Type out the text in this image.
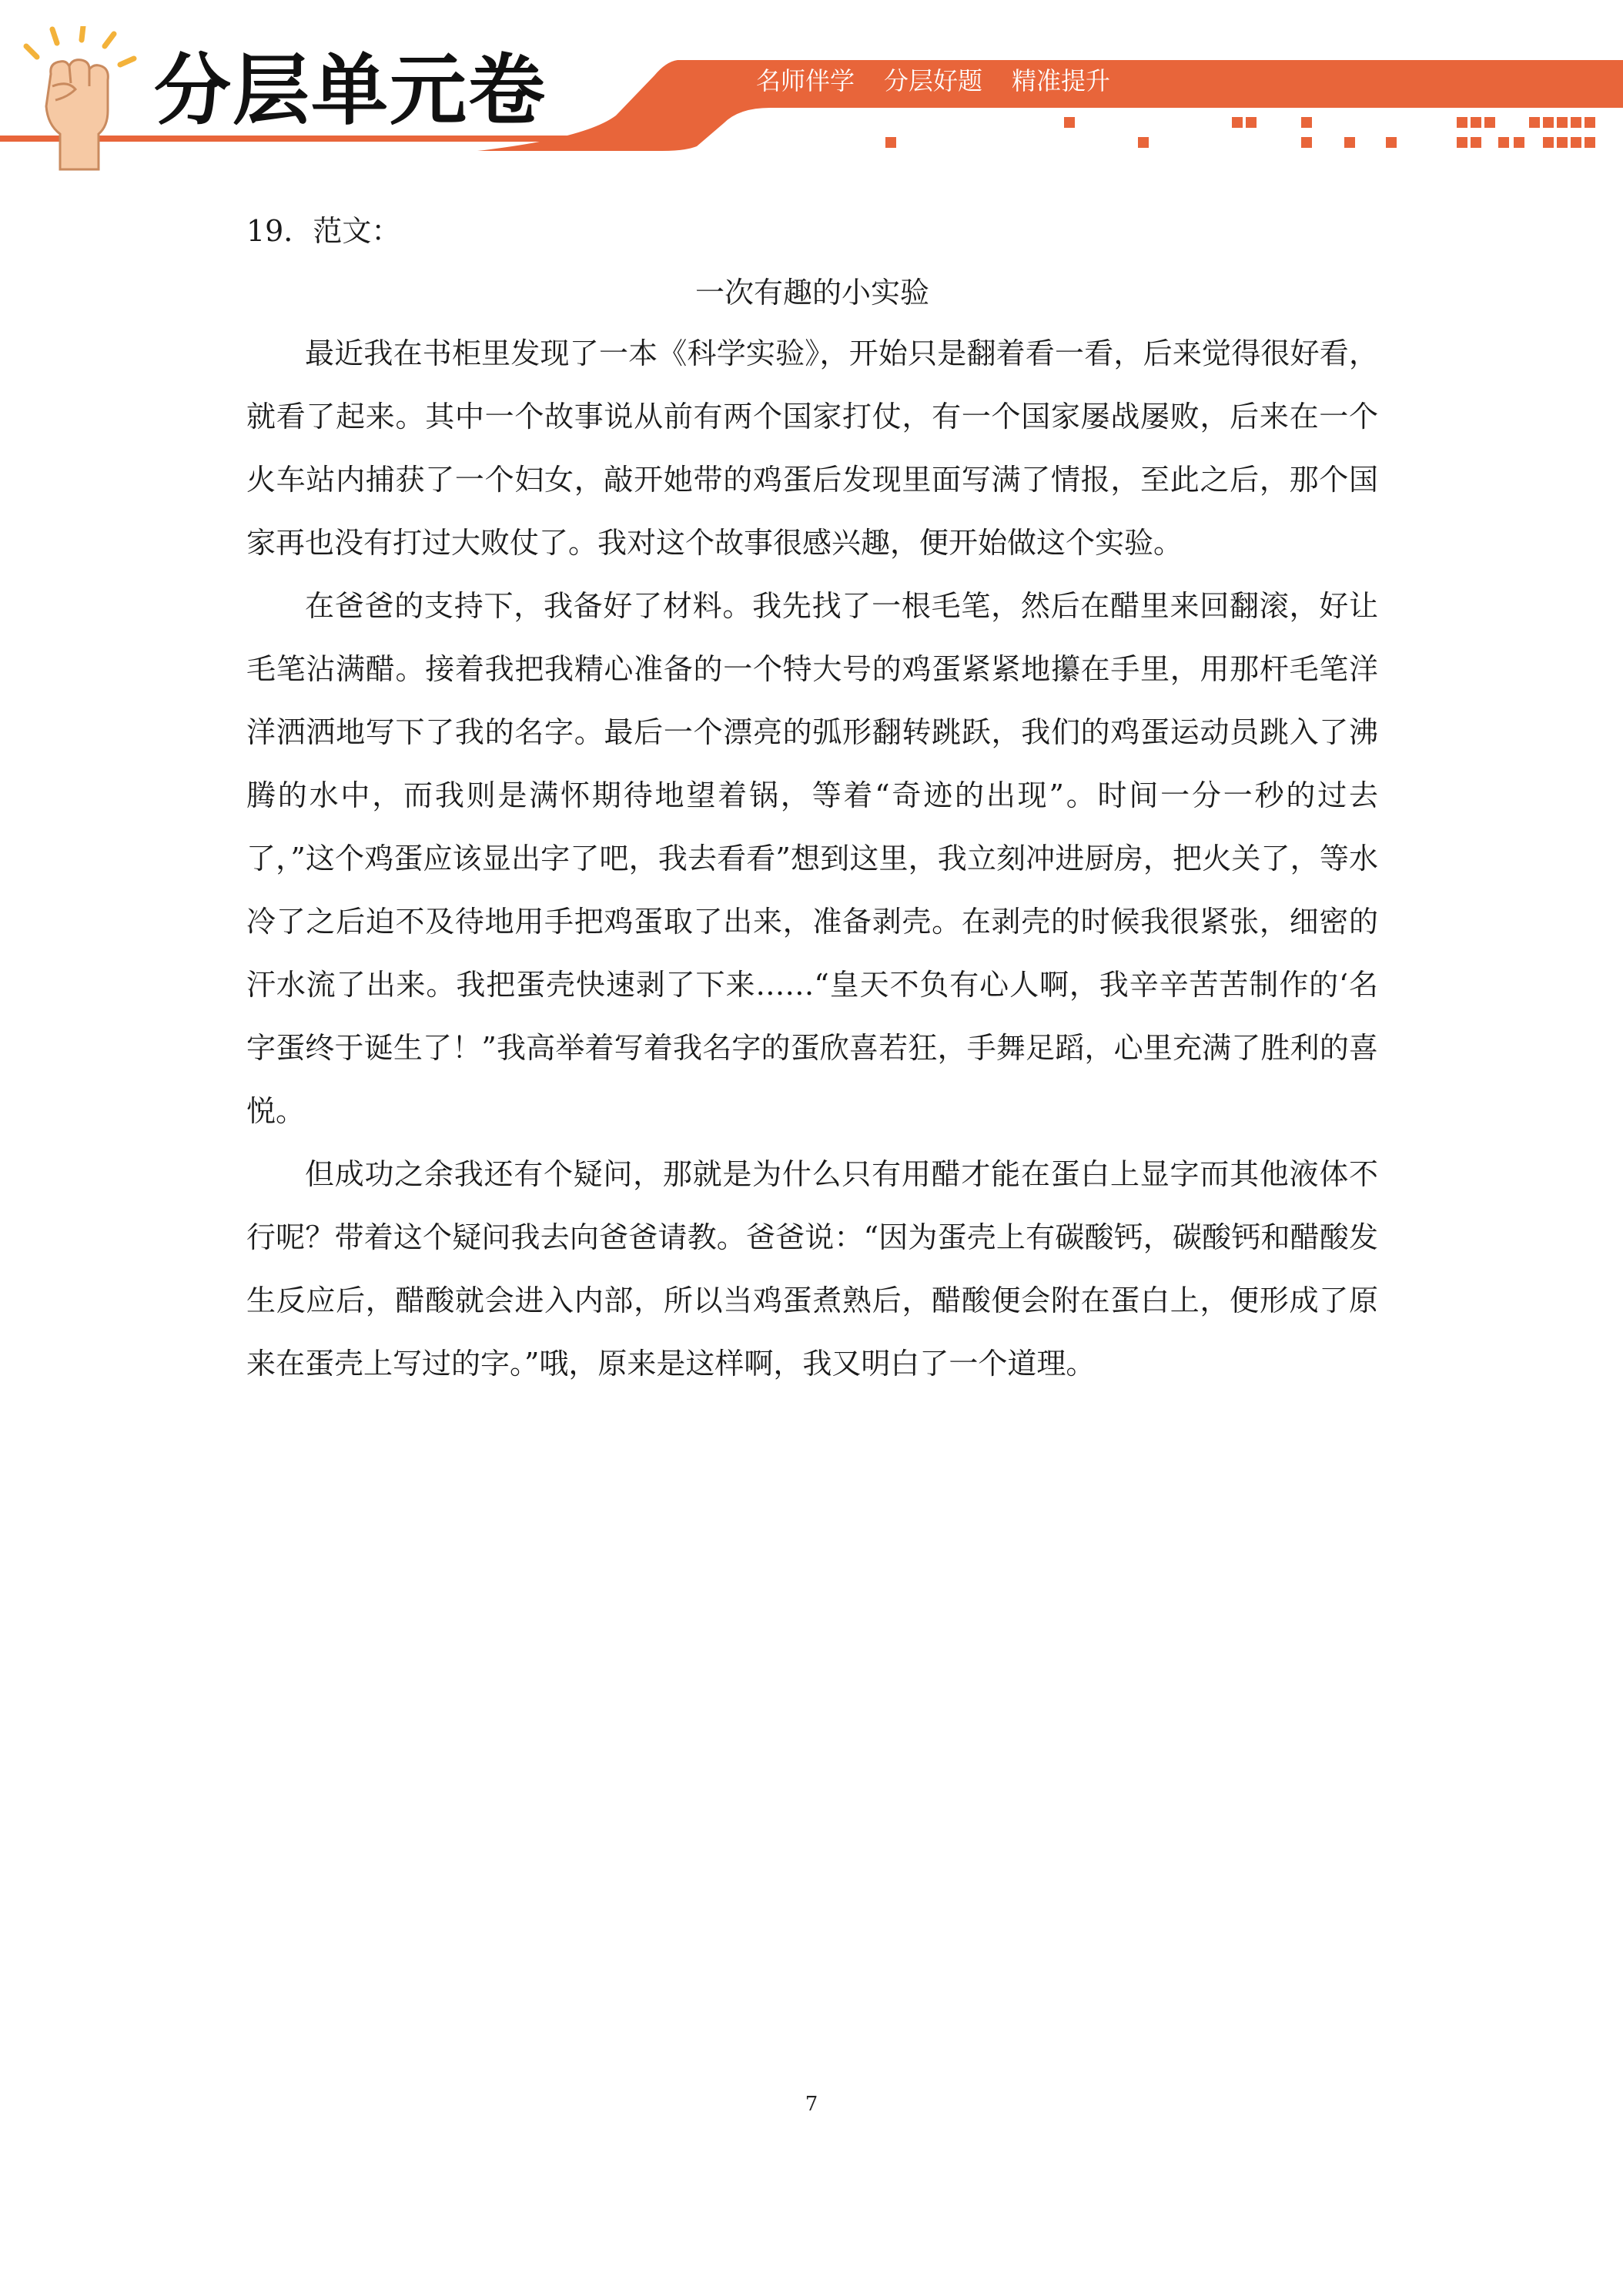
分层单元卷	名师伴学 分层好题 精准提升

19．范文：

一次有趣的小实验

最近我在书柜里发现了一本《科学实验》，开始只是翻着看一看，后来觉得很好看，就看了起来。其中一个故事说从前有两个国家打仗，有一个国家屡战屡败，后来在一个火车站内捕获了一个妇女，敲开她带的鸡蛋后发现里面写满了情报，至此之后，那个国家再也没有打过大败仗了。我对这个故事很感兴趣，便开始做这个实验。

在爸爸的支持下，我备好了材料。我先找了一根毛笔，然后在醋里来回翻滚，好让毛笔沾满醋。接着我把我精心准备的一个特大号的鸡蛋紧紧地攥在手里，用那杆毛笔洋洋洒洒地写下了我的名字。最后一个漂亮的弧形翻转跳跃，我们的鸡蛋运动员跳入了沸腾的水中，而我则是满怀期待地望着锅，等着“奇迹的出现”。时间一分一秒的过去了，”这个鸡蛋应该显出字了吧，我去看看”想到这里，我立刻冲进厨房，把火关了，等水冷了之后迫不及待地用手把鸡蛋取了出来，准备剥壳。在剥壳的时候我很紧张，细密的汗水流了出来。我把蛋壳快速剥了下来……“皇天不负有心人啊，我辛辛苦苦制作的‘名字蛋终于诞生了！”我高举着写着我名字的蛋欣喜若狂，手舞足蹈，心里充满了胜利的喜悦。

但成功之余我还有个疑问，那就是为什么只有用醋才能在蛋白上显字而其他液体不行呢？带着这个疑问我去向爸爸请教。爸爸说：“因为蛋壳上有碳酸钙，碳酸钙和醋酸发生反应后，醋酸就会进入内部，所以当鸡蛋煮熟后，醋酸便会附在蛋白上，便形成了原来在蛋壳上写过的字。”哦，原来是这样啊，我又明白了一个道理。

7
